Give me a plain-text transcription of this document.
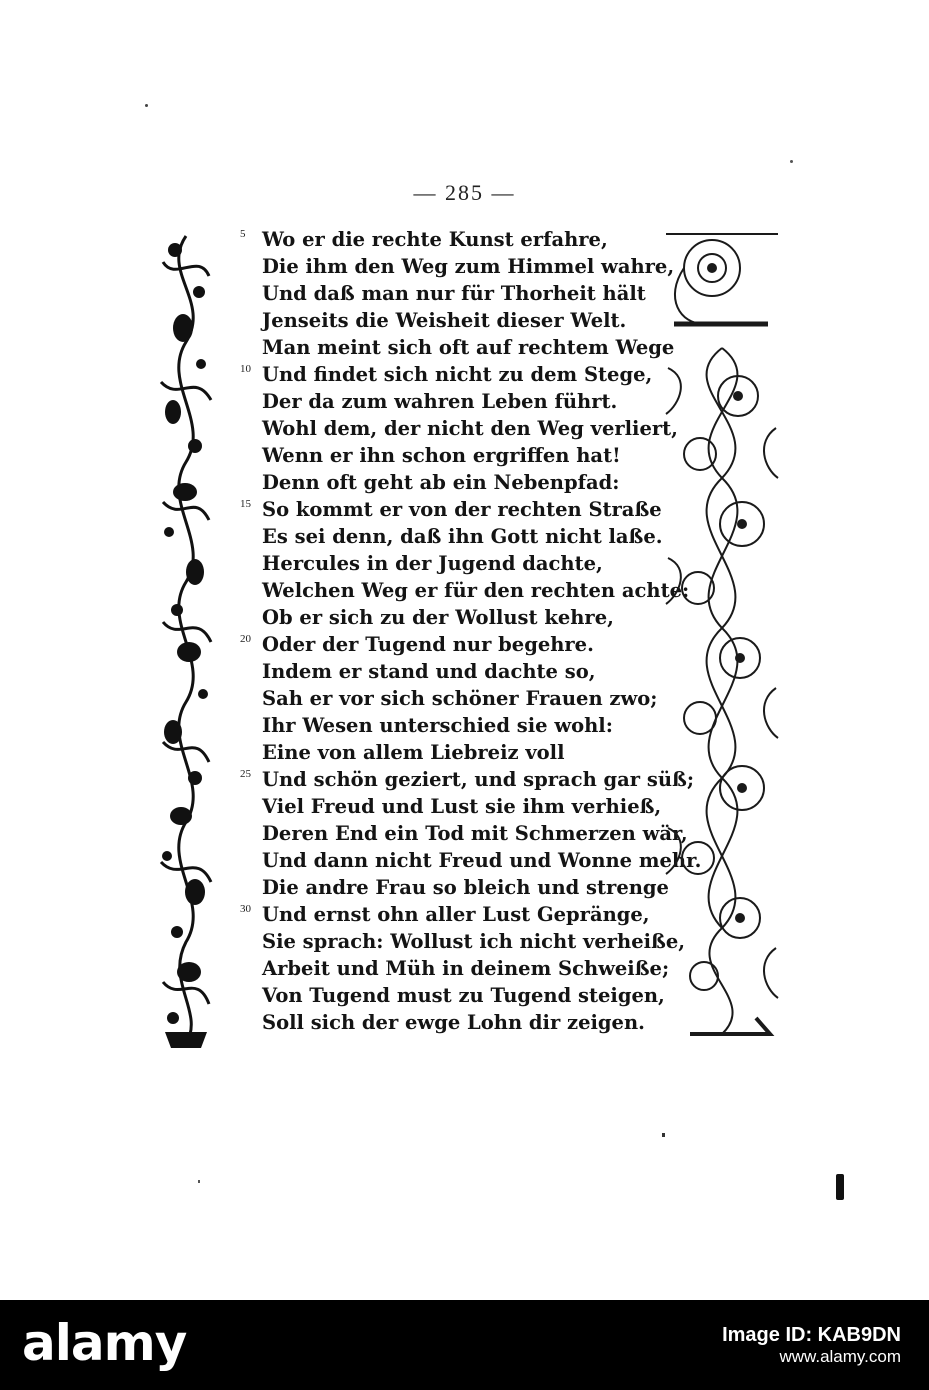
— 285 —
5 Wo er die rechte Kunst erfahre,
Die ihm den Weg zum Himmel wahre,
Und daß man nur für Thorheit hält
Jenseits die Weisheit dieser Welt.
Man meint sich oft auf rechtem Wege
10 Und findet sich nicht zu dem Stege,
Der da zum wahren Leben führt.
Wohl dem, der nicht den Weg verliert,
Wenn er ihn schon ergriffen hat!
Denn oft geht ab ein Nebenpfad:
15 So kommt er von der rechten Straße
Es sei denn, daß ihn Gott nicht laße.
Hercules in der Jugend dachte,
Welchen Weg er für den rechten achte:
Ob er sich zu der Wollust kehre,
20 Oder der Tugend nur begehre.
Indem er stand und dachte so,
Sah er vor sich schöner Frauen zwo;
Ihr Wesen unterschied sie wohl:
Eine von allem Liebreiz voll
25 Und schön geziert, und sprach gar süß;
Viel Freud und Lust sie ihm verhieß,
Deren End ein Tod mit Schmerzen wär,
Und dann nicht Freud und Wonne mehr.
Die andre Frau so bleich und strenge
30 Und ernst ohn aller Lust Gepränge,
Sie sprach: Wollust ich nicht verheiße,
Arbeit und Müh in deinem Schweiße;
Von Tugend must zu Tugend steigen,
Soll sich der ewge Lohn dir zeigen.
alamy	Image ID: KAB9DN
www.alamy.com
